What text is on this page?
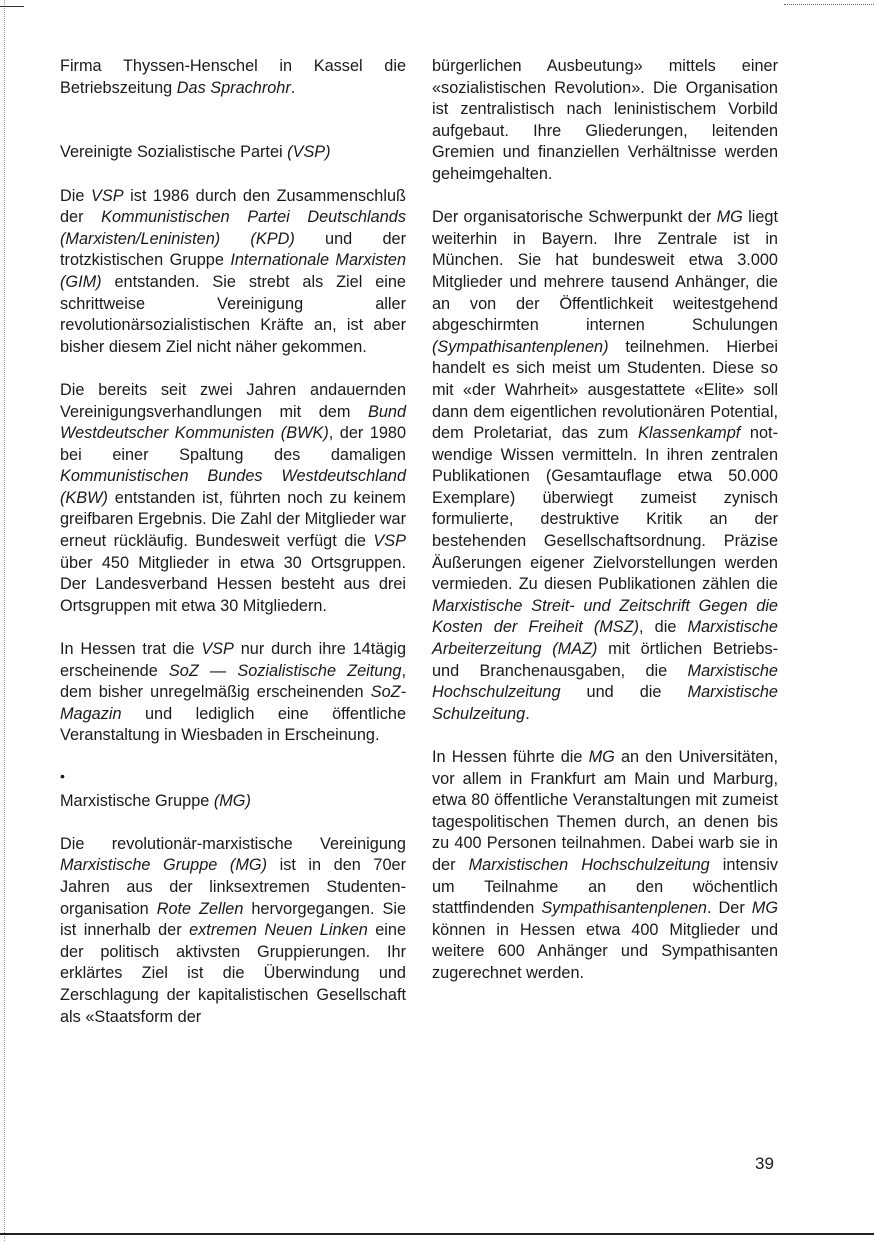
Firma Thyssen-Henschel in Kassel die Betriebszeitung Das Sprachrohr.

Vereinigte Sozialistische Partei (VSP)

Die VSP ist 1986 durch den Zusammenschluß der Kommunistischen Partei Deutschlands (Marxisten/Leninisten) (KPD) und der trotzkistischen Gruppe Internationale Marxisten (GIM) entstanden. Sie strebt als Ziel eine schrittweise Vereinigung aller revolutionärsozialistischen Kräfte an, ist aber bisher diesem Ziel nicht näher gekommen.

Die bereits seit zwei Jahren andauernden Vereinigungsverhandlungen mit dem Bund Westdeutscher Kommunisten (BWK), der 1980 bei einer Spaltung des damaligen Kommunistischen Bundes Westdeutschland (KBW) entstanden ist, führten noch zu keinem greifbaren Ergebnis. Die Zahl der Mitglieder war erneut rückläufig. Bundesweit verfügt die VSP über 450 Mitglieder in etwa 30 Ortsgruppen. Der Landesverband Hessen besteht aus drei Ortsgruppen mit etwa 30 Mitgliedern.

In Hessen trat die VSP nur durch ihre 14tägig erscheinende SoZ — Sozialistische Zeitung, dem bisher unregelmäßig erscheinenden SoZ-Magazin und lediglich eine öffentliche Veranstaltung in Wiesbaden in Erscheinung.

•

Marxistische Gruppe (MG)

Die revolutionär-marxistische Vereinigung Marxistische Gruppe (MG) ist in den 70er Jahren aus der linksextremen Studentenorganisation Rote Zellen hervorgegangen. Sie ist innerhalb der extremen Neuen Linken eine der politisch aktivsten Gruppierungen. Ihr erklärtes Ziel ist die Überwindung und Zerschlagung der kapitalistischen Gesellschaft als «Staatsform der

bürgerlichen Ausbeutung» mittels einer «sozialistischen Revolution». Die Organisation ist zentralistisch nach leninistischem Vorbild aufgebaut. Ihre Gliederungen, leitenden Gremien und finanziellen Verhältnisse werden geheimgehalten.

Der organisatorische Schwerpunkt der MG liegt weiterhin in Bayern. Ihre Zentrale ist in München. Sie hat bundesweit etwa 3.000 Mitglieder und mehrere tausend Anhänger, die an von der Öffentlichkeit weitestgehend abgeschirmten internen Schulungen (Sympathisantenplenen) teilnehmen. Hierbei handelt es sich meist um Studenten. Diese so mit «der Wahrheit» ausgestattete «Elite» soll dann dem eigentlichen revolutionären Potential, dem Proletariat, das zum Klassenkampf notwendige Wissen vermitteln. In ihren zentralen Publikationen (Gesamtauflage etwa 50.000 Exemplare) überwiegt zumeist zynisch formulierte, destruktive Kritik an der bestehenden Gesellschaftsordnung. Präzise Äußerungen eigener Zielvorstellungen werden vermieden. Zu diesen Publikationen zählen die Marxistische Streit- und Zeitschrift Gegen die Kosten der Freiheit (MSZ), die Marxistische Arbeiterzeitung (MAZ) mit örtlichen Betriebs- und Branchenausgaben, die Marxistische Hochschulzeitung und die Marxistische Schulzeitung.

In Hessen führte die MG an den Universitäten, vor allem in Frankfurt am Main und Marburg, etwa 80 öffentliche Veranstaltungen mit zumeist tagespolitischen Themen durch, an denen bis zu 400 Personen teilnahmen. Dabei warb sie in der Marxistischen Hochschulzeitung intensiv um Teilnahme an den wöchentlich stattfindenden Sympathisantenplenen. Der MG können in Hessen etwa 400 Mitglieder und weitere 600 Anhänger und Sympathisanten zugerechnet werden.

39
